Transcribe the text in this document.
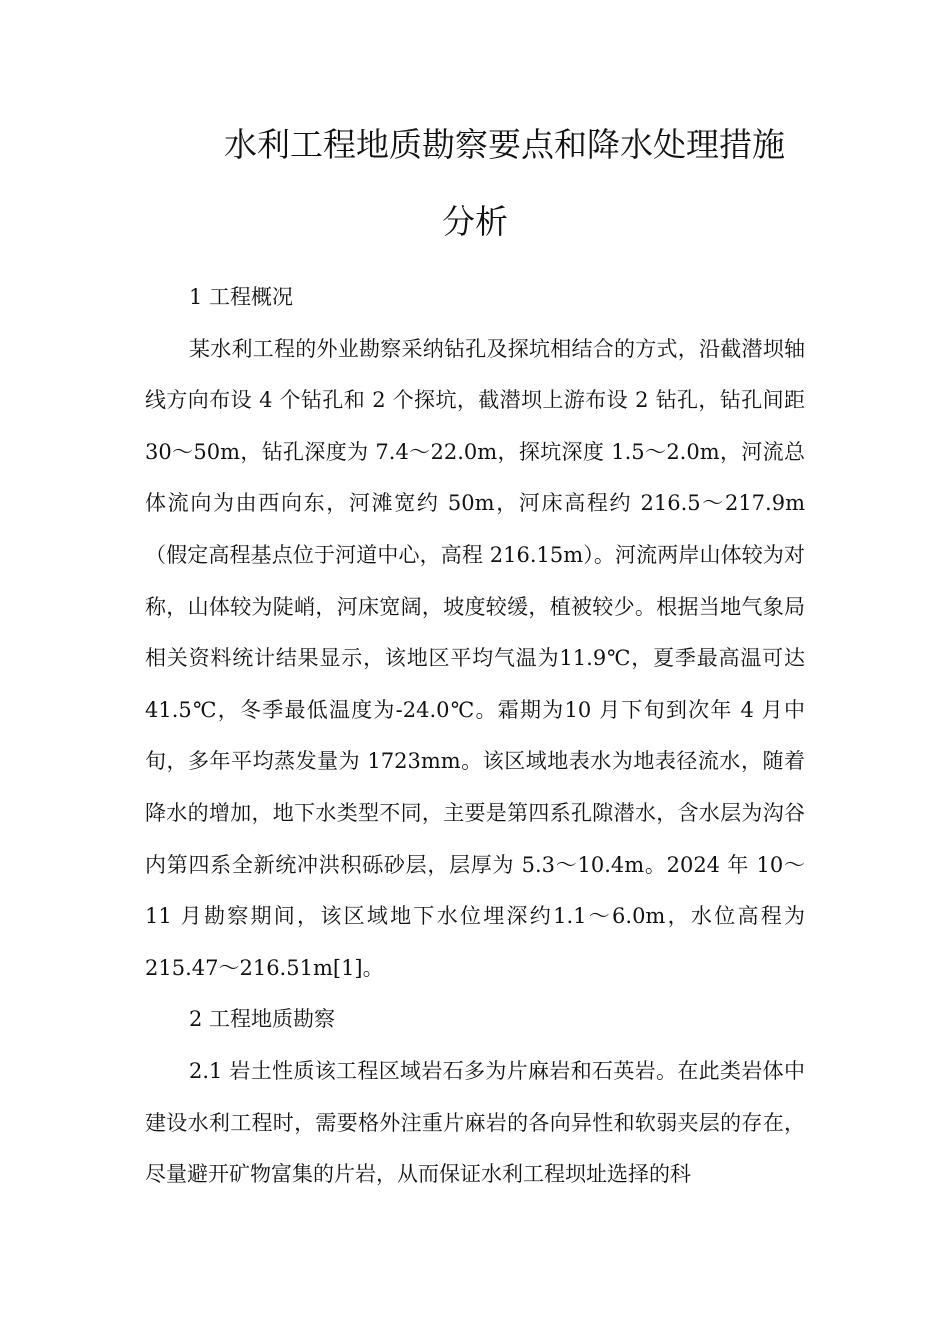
水利工程地质勘察要点和降水处理措施
分析

1 工程概况

某水利工程的外业勘察采纳钻孔及探坑相结合的方式，沿截潜坝轴线方向布设 4 个钻孔和 2 个探坑，截潜坝上游布设 2 钻孔，钻孔间距 30～50m，钻孔深度为 7.4～22.0m，探坑深度 1.5～2.0m，河流总体流向为由西向东，河滩宽约 50m，河床高程约 216.5～217.9m（假定高程基点位于河道中心，高程 216.15m）。河流两岸山体较为对称，山体较为陡峭，河床宽阔，坡度较缓，植被较少。根据当地气象局相关资料统计结果显示，该地区平均气温为11.9℃，夏季最高温可达 41.5℃，冬季最低温度为-24.0℃。霜期为10 月下旬到次年 4 月中旬，多年平均蒸发量为 1723mm。该区域地表水为地表径流水，随着降水的增加，地下水类型不同，主要是第四系孔隙潜水，含水层为沟谷内第四系全新统冲洪积砾砂层，层厚为 5.3～10.4m。2024 年 10～11 月勘察期间，该区域地下水位埋深约1.1～6.0m，水位高程为 215.47～216.51m[1]。

2 工程地质勘察

2.1 岩土性质该工程区域岩石多为片麻岩和石英岩。在此类岩体中建设水利工程时，需要格外注重片麻岩的各向异性和软弱夹层的存在，尽量避开矿物富集的片岩，从而保证水利工程坝址选择的科
